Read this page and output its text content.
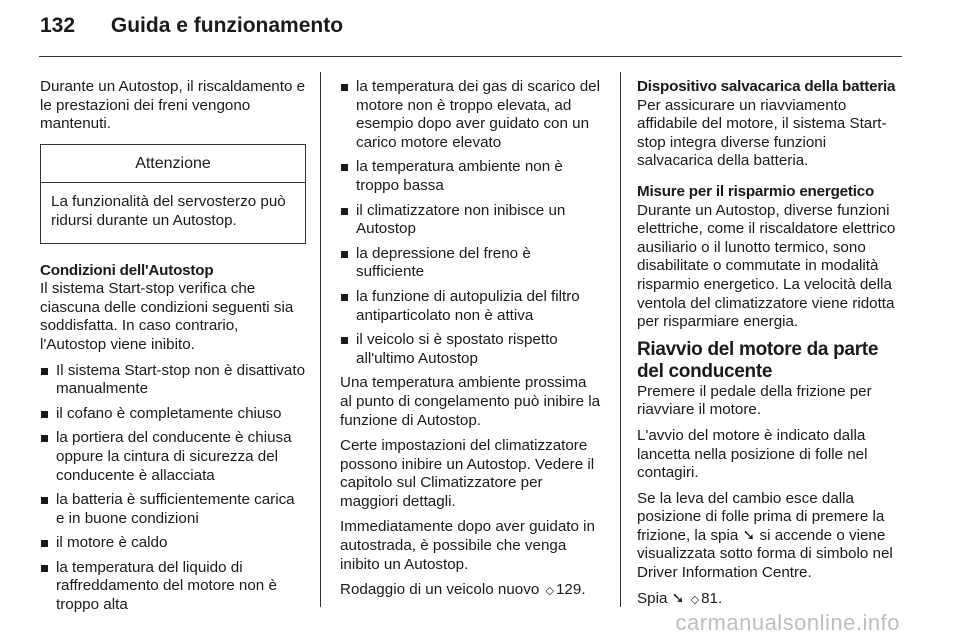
132 Guida e funzionamento

Durante un Autostop, il riscaldamento e le prestazioni dei freni vengono mantenuti.

Attenzione
La funzionalità del servosterzo può ridursi durante un Autostop.

Condizioni dell'Autostop

Il sistema Start-stop verifica che ciascuna delle condizioni seguenti sia soddisfatta. In caso contrario, l'Autostop viene inibito.

Il sistema Start-stop non è disattivato manualmente
il cofano è completamente chiuso
la portiera del conducente è chiusa oppure la cintura di sicurezza del conducente è allacciata
la batteria è sufficientemente carica e in buone condizioni
il motore è caldo
la temperatura del liquido di raffreddamento del motore non è troppo alta
la temperatura dei gas di scarico del motore non è troppo elevata, ad esempio dopo aver guidato con un carico motore elevato
la temperatura ambiente non è troppo bassa
il climatizzatore non inibisce un Autostop
la depressione del freno è sufficiente
la funzione di autopulizia del filtro antiparticolato non è attiva
il veicolo si è spostato rispetto all'ultimo Autostop

Una temperatura ambiente prossima al punto di congelamento può inibire la funzione di Autostop.

Certe impostazioni del climatizzatore possono inibire un Autostop. Vedere il capitolo sul Climatizzatore per maggiori dettagli.

Immediatamente dopo aver guidato in autostrada, è possibile che venga inibito un Autostop.

Rodaggio di un veicolo nuovo ◇ 129.

Dispositivo salvacarica della batteria

Per assicurare un riavviamento affidabile del motore, il sistema Start-stop integra diverse funzioni salvacarica della batteria.

Misure per il risparmio energetico

Durante un Autostop, diverse funzioni elettriche, come il riscaldatore elettrico ausiliario o il lunotto termico, sono disabilitate o commutate in modalità risparmio energetico. La velocità della ventola del climatizzatore viene ridotta per risparmiare energia.

Riavvio del motore da parte del conducente

Premere il pedale della frizione per riavviare il motore.

L'avvio del motore è indicato dalla lancetta nella posizione di folle nel contagiri.

Se la leva del cambio esce dalla posizione di folle prima di premere la frizione, la spia ➘ si accende o viene visualizzata sotto forma di simbolo nel Driver Information Centre.

Spia ➘ ◇ 81.

carmanualsonline.info
